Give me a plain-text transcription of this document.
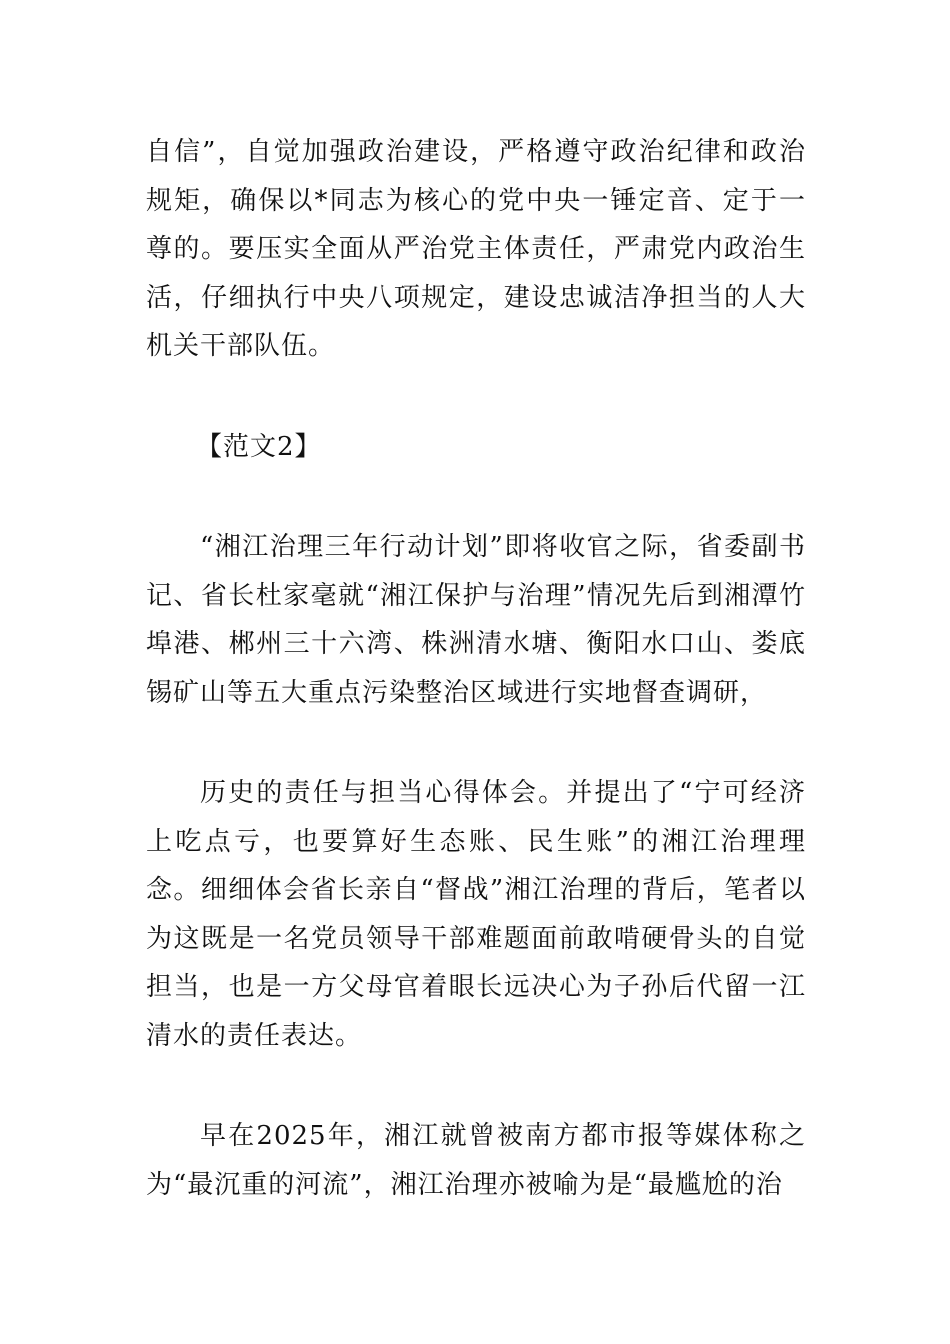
自信”，自觉加强政治建设，严格遵守政治纪律和政治规矩，确保以*同志为核心的党中央一锤定音、定于一尊的。要压实全面从严治党主体责任，严肃党内政治生活，仔细执行中央八项规定，建设忠诚洁净担当的人大机关干部队伍。

【范文2】

“湘江治理三年行动计划”即将收官之际，省委副书记、省长杜家毫就“湘江保护与治理”情况先后到湘潭竹埠港、郴州三十六湾、株洲清水塘、衡阳水口山、娄底锡矿山等五大重点污染整治区域进行实地督查调研，

历史的责任与担当心得体会。并提出了“宁可经济上吃点亏，也要算好生态账、民生账”的湘江治理理念。细细体会省长亲自“督战”湘江治理的背后，笔者以为这既是一名党员领导干部难题面前敢啃硬骨头的自觉担当，也是一方父母官着眼长远决心为子孙后代留一江清水的责任表达。

早在2025年，湘江就曾被南方都市报等媒体称之为“最沉重的河流”，湘江治理亦被喻为是“最尴尬的治
